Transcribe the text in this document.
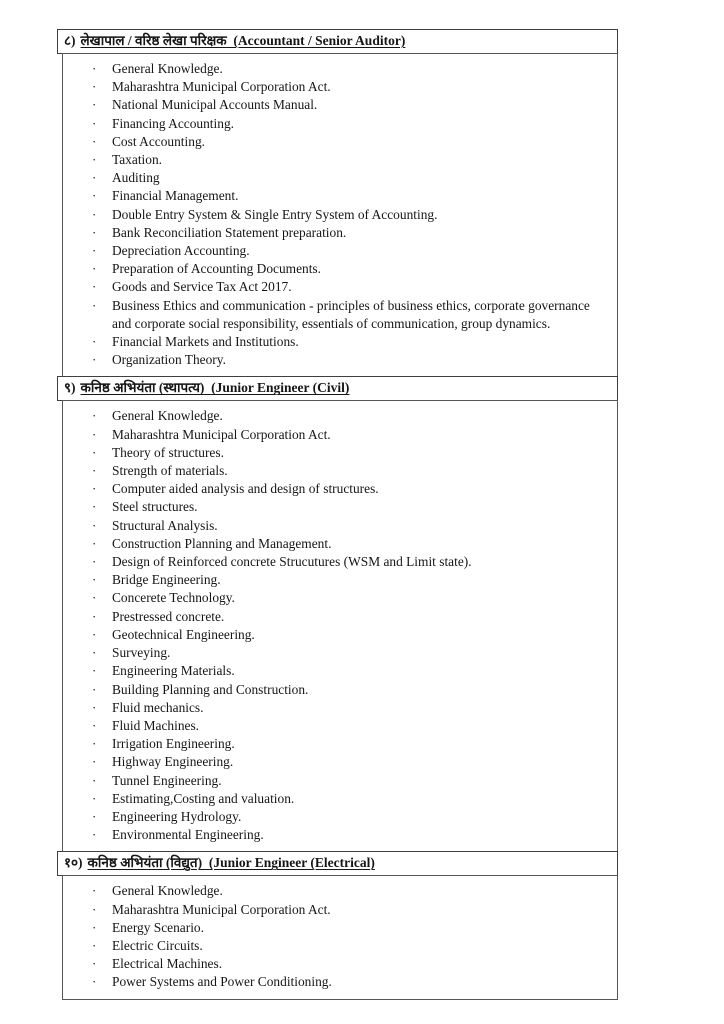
८) लेखापाल / वरिष्ठ लेखा परिक्षक  (Accountant / Senior Auditor)
·	General Knowledge.
·	Maharashtra Municipal Corporation Act.
·	National Municipal Accounts Manual.
·	Financing Accounting.
·	Cost Accounting.
·	Taxation.
·	Auditing
·	Financial Management.
·	Double Entry System & Single Entry System of Accounting.
·	Bank Reconciliation Statement preparation.
·	Depreciation Accounting.
·	Preparation of Accounting Documents.
·	Goods and Service Tax Act 2017.
·	Business Ethics and communication - principles of business ethics, corporate governance and corporate social responsibility, essentials of communication, group dynamics.
·	Financial Markets and Institutions.
·	Organization Theory.
९) कनिष्ठ अभियंता (स्थापत्य)  (Junior Engineer (Civil)
·	General Knowledge.
·	Maharashtra Municipal Corporation Act.
·	Theory of structures.
·	Strength of materials.
·	Computer aided analysis and design of structures.
·	Steel structures.
·	Structural Analysis.
·	Construction Planning and Management.
·	Design of Reinforced concrete Strucutures (WSM and Limit state).
·	Bridge Engineering.
·	Concerete Technology.
·	Prestressed concrete.
·	Geotechnical Engineering.
·	Surveying.
·	Engineering Materials.
·	Building Planning and Construction.
·	Fluid mechanics.
·	Fluid Machines.
·	Irrigation Engineering.
·	Highway Engineering.
·	Tunnel Engineering.
·	Estimating,Costing and valuation.
·	Engineering Hydrology.
·	Environmental Engineering.
१०) कनिष्ठ अभियंता (विद्युत)  (Junior Engineer (Electrical)
·	General Knowledge.
·	Maharashtra Municipal Corporation Act.
·	Energy Scenario.
·	Electric Circuits.
·	Electrical Machines.
·	Power Systems and Power Conditioning.
